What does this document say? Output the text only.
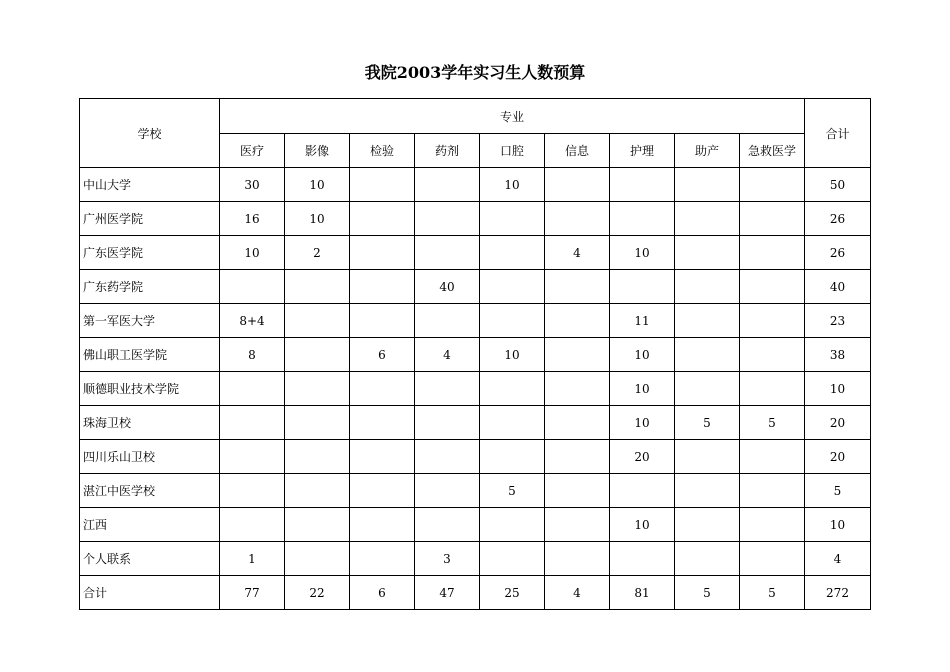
我院2003学年实习生人数预算
学校	专业									合计
	医疗	影像	检验	药剂	口腔	信息	护理	助产	急救医学	
中山大学	30	10			10					50
广州医学院	16	10								26
广东医学院	10	2				4	10			26
广东药学院				40						40
第一军医大学	8+4						11			23
佛山职工医学院	8		6	4	10		10			38
顺德职业技术学院							10			10
珠海卫校							10	5	5	20
四川乐山卫校							20			20
湛江中医学校					5					5
江西							10			10
个人联系	1			3						4
合计	77	22	6	47	25	4	81	5	5	272
